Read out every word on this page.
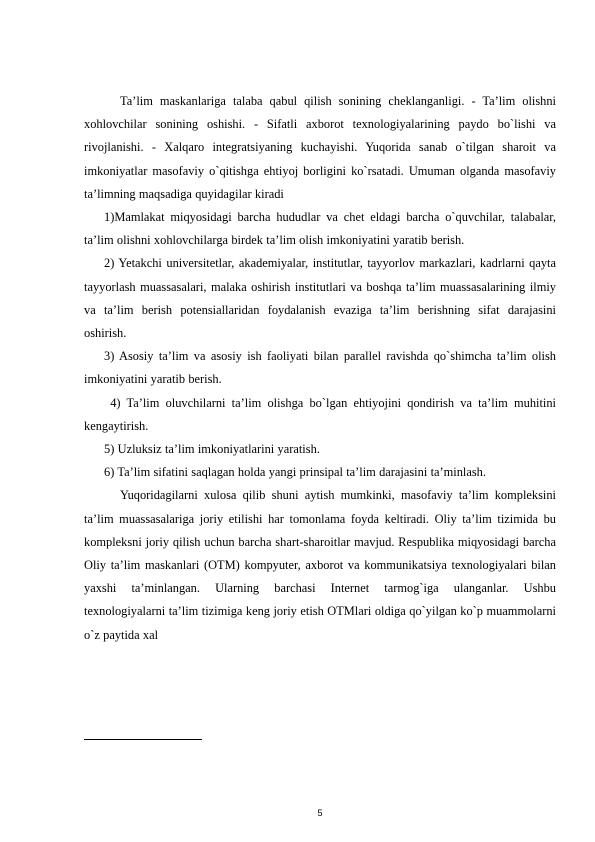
Ta’lim maskanlariga talaba qabul qilish sonining cheklanganligi. - Ta’lim olishni xohlovchilar sonining oshishi. - Sifatli axborot texnologiyalarining paydo bo`lishi va rivojlanishi. - Xalqaro integratsiyaning kuchayishi. Yuqorida sanab o`tilgan sharoit va imkoniyatlar masofaviy o`qitishga ehtiyoj borligini ko`rsatadi. Umuman olganda masofaviy ta’limning maqsadiga quyidagilar kiradi

1)Mamlakat miqyosidagi barcha hududlar va chet eldagi barcha o`quvchilar, talabalar, ta’lim olishni xohlovchilarga birdek ta’lim olish imkoniyatini yaratib berish.

2) Yetakchi universitetlar, akademiyalar, institutlar, tayyorlov markazlari, kadrlarni qayta tayyorlash muassasalari, malaka oshirish institutlari va boshqa ta’lim muassasalarining ilmiy va ta’lim berish potensiallaridan foydalanish evaziga ta’lim berishning sifat darajasini oshirish.

3) Asosiy ta’lim va asosiy ish faoliyati bilan parallel ravishda qo`shimcha ta’lim olish imkoniyatini yaratib berish.

4) Ta’lim oluvchilarni ta’lim olishga bo`lgan ehtiyojini qondirish va ta’lim muhitini kengaytirish.

5) Uzluksiz ta’lim imkoniyatlarini yaratish.

6) Ta’lim sifatini saqlagan holda yangi prinsipal ta’lim darajasini ta’minlash.

Yuqoridagilarni xulosa qilib shuni aytish mumkinki, masofaviy ta’lim kompleksini ta’lim muassasalariga joriy etilishi har tomonlama foyda keltiradi. Oliy ta’lim tizimida bu kompleksni joriy qilish uchun barcha shart-sharoitlar mavjud. Respublika miqyosidagi barcha Oliy ta’lim maskanlari (OTM) kompyuter, axborot va kommunikatsiya texnologiyalari bilan yaxshi ta’minlangan. Ularning barchasi Internet tarmog`iga ulanganlar. Ushbu texnologiyalarni ta’lim tizimiga keng joriy etish OTMlari oldiga qo`yilgan ko`p muammolarni o`z paytida xal

5
